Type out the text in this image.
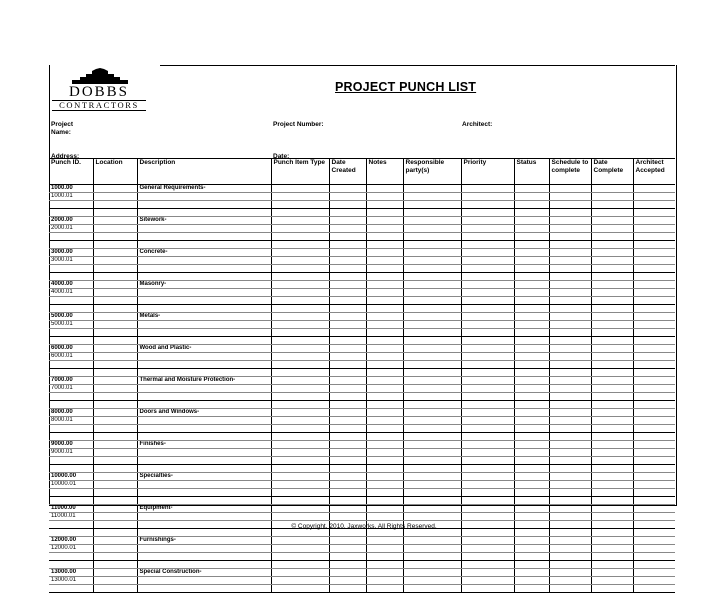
DOBBS
CONTRACTORS
PROJECT PUNCH LIST
Project
Name:
Project Number:	Architect:
Address:	Date:
Punch ID.	Location	Description	Punch Item Type	Date Created	Notes	Responsible party(s)	Priority	Status	Schedule to complete	Date Complete	Architect Accepted
1000.00		General Requirements-									
1000.01											

2000.00		Sitework-									
2000.01											

3000.00		Concrete-									
3000.01											

4000.00		Masonry-									
4000.01											

5000.00		Metals-									
5000.01											

6000.00		Wood and Plastic-									
6000.01											

7000.00		Thermal and Moisture Protection-									
7000.01											

8000.00		Doors and Windows-									
8000.01											

9000.00		Finishes-									
9000.01											

10000.00		Specialties-									
10000.01											

11000.00		Equipment-									
11000.01											

12000.00		Furnishings-									
12000.01											

13000.00		Special Construction-									
13000.01											

© Copyright, 2010, Jaxworks, All Rights Reserved.
